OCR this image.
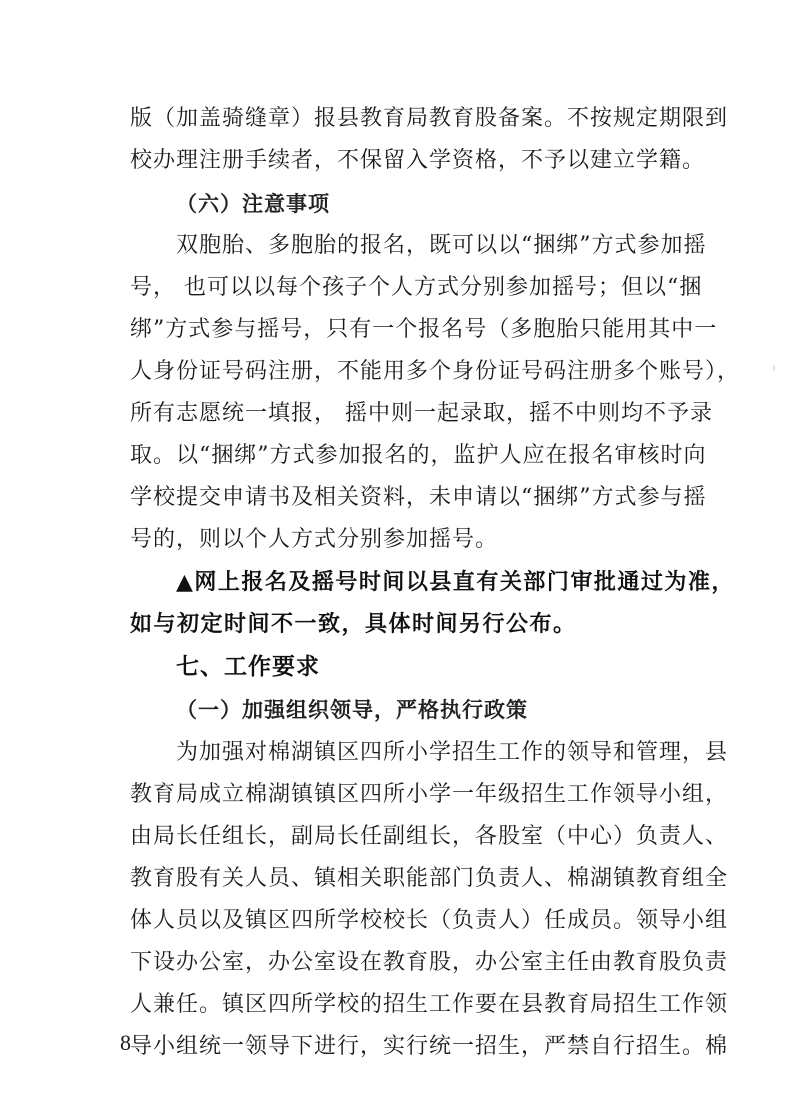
版（加盖骑缝章）报县教育局教育股备案。不按规定期限到
校办理注册手续者，不保留入学资格，不予以建立学籍。
（六）注意事项
双胞胎、多胞胎的报名，既可以以“捆绑”方式参加摇
号， 也可以以每个孩子个人方式分别参加摇号；但以“捆
绑”方式参与摇号，只有一个报名号（多胞胎只能用其中一
人身份证号码注册，不能用多个身份证号码注册多个账号），
所有志愿统一填报， 摇中则一起录取，摇不中则均不予录
取。以“捆绑”方式参加报名的，监护人应在报名审核时向
学校提交申请书及相关资料，未申请以“捆绑”方式参与摇
号的，则以个人方式分别参加摇号。
▲网上报名及摇号时间以县直有关部门审批通过为准，
如与初定时间不一致，具体时间另行公布。
七、工作要求
（一）加强组织领导，严格执行政策
为加强对棉湖镇区四所小学招生工作的领导和管理，县
教育局成立棉湖镇镇区四所小学一年级招生工作领导小组，
由局长任组长，副局长任副组长，各股室（中心）负责人、
教育股有关人员、镇相关职能部门负责人、棉湖镇教育组全
体人员以及镇区四所学校校长（负责人）任成员。领导小组
下设办公室，办公室设在教育股，办公室主任由教育股负责
人兼任。镇区四所学校的招生工作要在县教育局招生工作领
导小组统一领导下进行，实行统一招生，严禁自行招生。棉
8
